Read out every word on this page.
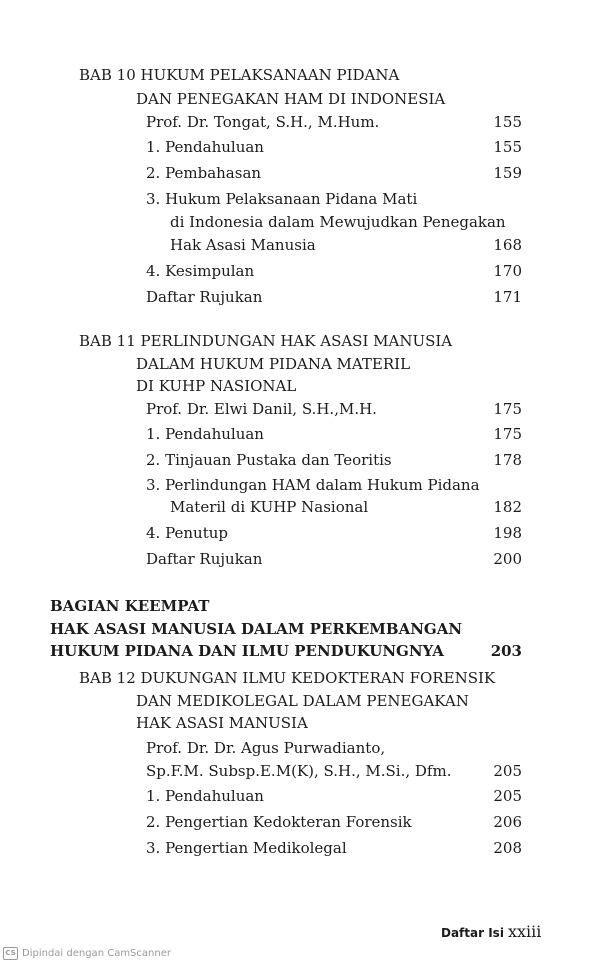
BAB 10 HUKUM PELAKSANAAN PIDANA
DAN PENEGAKAN HAM DI INDONESIA
Prof. Dr. Tongat, S.H., M.Hum.	155
1. Pendahuluan	155
2. Pembahasan	159
3. Hukum Pelaksanaan Pidana Mati
di Indonesia dalam Mewujudkan Penegakan
Hak Asasi Manusia	168
4. Kesimpulan	170
Daftar Rujukan	171
BAB 11 PERLINDUNGAN HAK ASASI MANUSIA
DALAM HUKUM PIDANA MATERIL
DI KUHP NASIONAL
Prof. Dr. Elwi Danil, S.H.,M.H.	175
1. Pendahuluan	175
2. Tinjauan Pustaka dan Teoritis	178
3. Perlindungan HAM dalam Hukum Pidana
Materil di KUHP Nasional	182
4. Penutup	198
Daftar Rujukan	200
BAGIAN KEEMPAT
HAK ASASI MANUSIA DALAM PERKEMBANGAN
HUKUM PIDANA DAN ILMU PENDUKUNGNYA	203
BAB 12 DUKUNGAN ILMU KEDOKTERAN FORENSIK
DAN MEDIKOLEGAL DALAM PENEGAKAN
HAK ASASI MANUSIA
Prof. Dr. Dr. Agus Purwadianto,
Sp.F.M. Subsp.E.M(K), S.H., M.Si., Dfm.	205
1. Pendahuluan	205
2. Pengertian Kedokteran Forensik	206
3. Pengertian Medikolegal	208
Daftar Isi xxiii
CS Dipindai dengan CamScanner
